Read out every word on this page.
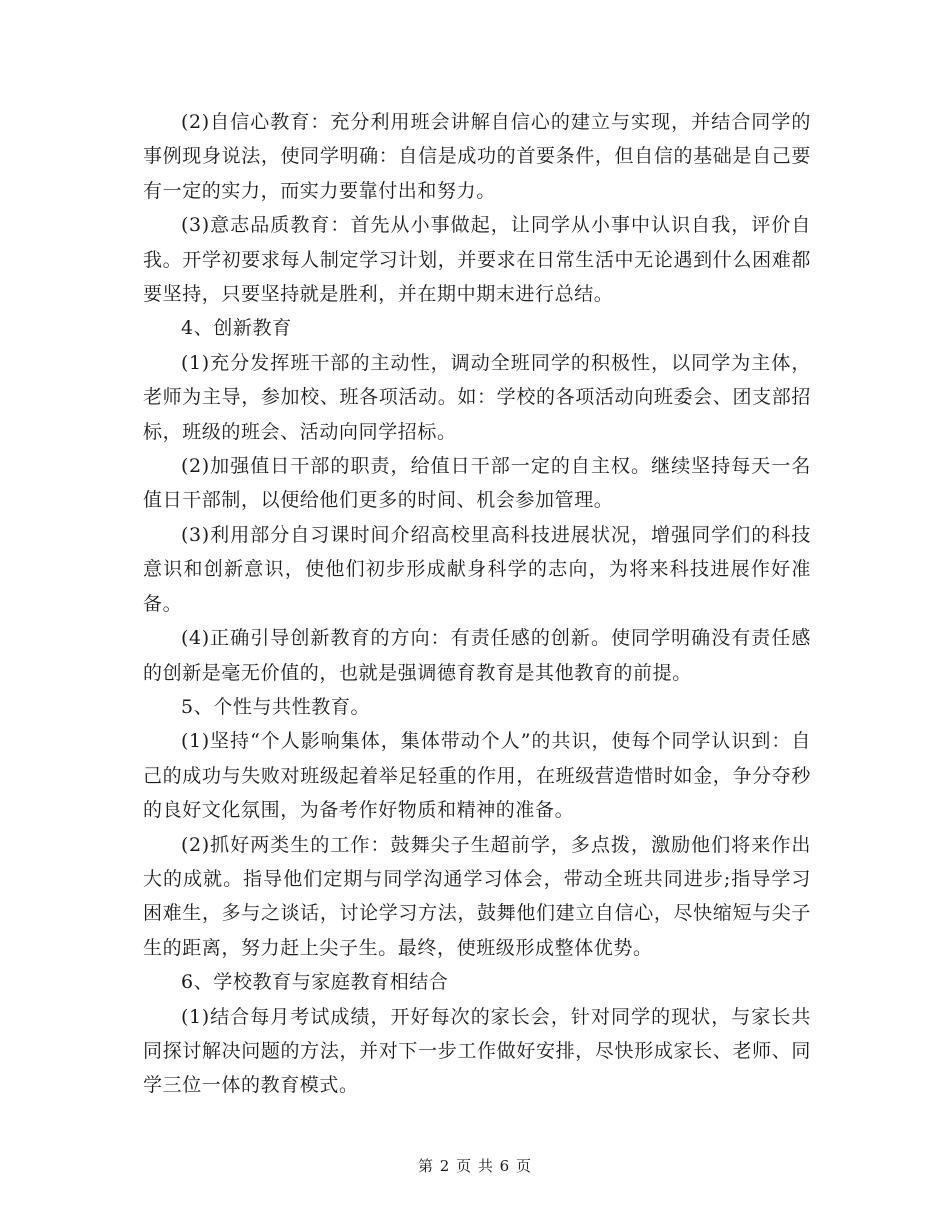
(2)自信心教育：充分利用班会讲解自信心的建立与实现，并结合同学的事例现身说法，使同学明确：自信是成功的首要条件，但自信的基础是自己要有一定的实力，而实力要靠付出和努力。

(3)意志品质教育：首先从小事做起，让同学从小事中认识自我，评价自我。开学初要求每人制定学习计划，并要求在日常生活中无论遇到什么困难都要坚持，只要坚持就是胜利，并在期中期末进行总结。

4、创新教育

(1)充分发挥班干部的主动性，调动全班同学的积极性，以同学为主体，老师为主导，参加校、班各项活动。如：学校的各项活动向班委会、团支部招标，班级的班会、活动向同学招标。

(2)加强值日干部的职责，给值日干部一定的自主权。继续坚持每天一名值日干部制，以便给他们更多的时间、机会参加管理。

(3)利用部分自习课时间介绍高校里高科技进展状况，增强同学们的科技意识和创新意识，使他们初步形成献身科学的志向，为将来科技进展作好准备。

(4)正确引导创新教育的方向：有责任感的创新。使同学明确没有责任感的创新是毫无价值的，也就是强调德育教育是其他教育的前提。

5、个性与共性教育。

(1)坚持“个人影响集体，集体带动个人”的共识，使每个同学认识到：自己的成功与失败对班级起着举足轻重的作用，在班级营造惜时如金，争分夺秒的良好文化氛围，为备考作好物质和精神的准备。

(2)抓好两类生的工作：鼓舞尖子生超前学，多点拨，激励他们将来作出大的成就。指导他们定期与同学沟通学习体会，带动全班共同进步;指导学习困难生，多与之谈话，讨论学习方法，鼓舞他们建立自信心，尽快缩短与尖子生的距离，努力赶上尖子生。最终，使班级形成整体优势。

6、学校教育与家庭教育相结合

(1)结合每月考试成绩，开好每次的家长会，针对同学的现状，与家长共同探讨解决问题的方法，并对下一步工作做好安排，尽快形成家长、老师、同学三位一体的教育模式。

第 2 页 共 6 页
